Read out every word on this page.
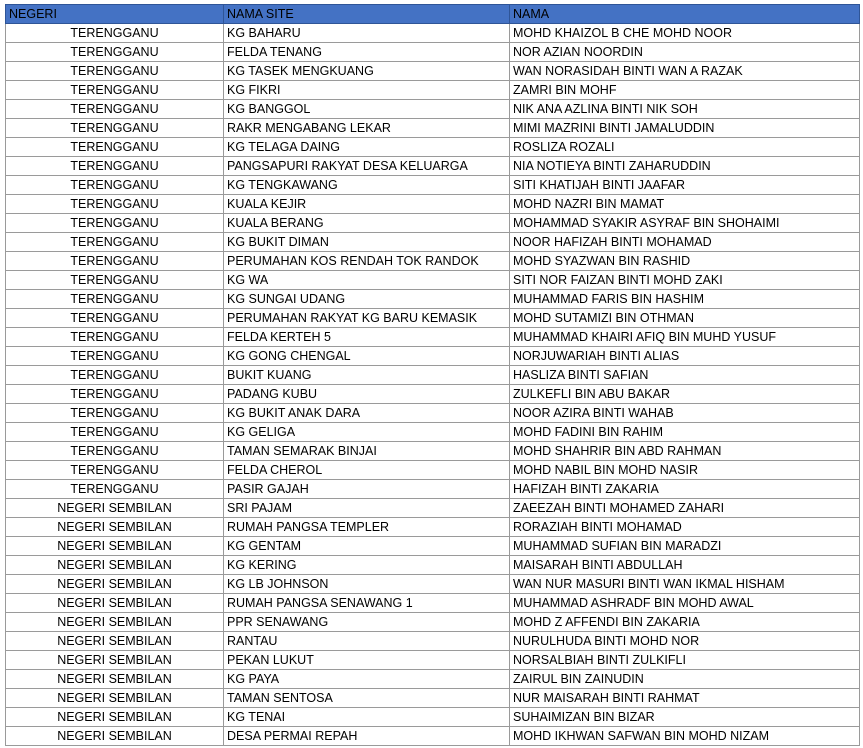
NEGERI	NAMA SITE	NAMA
TERENGGANU	KG BAHARU	MOHD KHAIZOL B CHE MOHD NOOR
TERENGGANU	FELDA TENANG	NOR AZIAN NOORDIN
TERENGGANU	KG TASEK MENGKUANG	WAN NORASIDAH BINTI WAN A RAZAK
TERENGGANU	KG FIKRI	ZAMRI BIN MOHF
TERENGGANU	KG BANGGOL	NIK ANA AZLINA BINTI NIK SOH
TERENGGANU	RAKR MENGABANG LEKAR	MIMI MAZRINI BINTI JAMALUDDIN
TERENGGANU	KG TELAGA DAING	ROSLIZA ROZALI
TERENGGANU	PANGSAPURI RAKYAT DESA KELUARGA	NIA NOTIEYA BINTI ZAHARUDDIN
TERENGGANU	KG TENGKAWANG	SITI KHATIJAH BINTI JAAFAR
TERENGGANU	KUALA KEJIR	MOHD NAZRI BIN MAMAT
TERENGGANU	KUALA BERANG	MOHAMMAD SYAKIR ASYRAF BIN SHOHAIMI
TERENGGANU	KG BUKIT DIMAN	NOOR HAFIZAH BINTI MOHAMAD
TERENGGANU	PERUMAHAN KOS RENDAH TOK RANDOK	MOHD SYAZWAN BIN RASHID
TERENGGANU	KG WA	SITI NOR FAIZAN BINTI MOHD ZAKI
TERENGGANU	KG SUNGAI UDANG	MUHAMMAD FARIS BIN HASHIM
TERENGGANU	PERUMAHAN RAKYAT KG BARU KEMASIK	MOHD SUTAMIZI BIN OTHMAN
TERENGGANU	FELDA KERTEH 5	MUHAMMAD KHAIRI AFIQ BIN MUHD YUSUF
TERENGGANU	KG GONG CHENGAL	NORJUWARIAH BINTI ALIAS
TERENGGANU	BUKIT KUANG	HASLIZA BINTI SAFIAN
TERENGGANU	PADANG KUBU	ZULKEFLI BIN ABU BAKAR
TERENGGANU	KG BUKIT ANAK DARA	NOOR AZIRA BINTI WAHAB
TERENGGANU	KG GELIGA	MOHD FADINI BIN RAHIM
TERENGGANU	TAMAN SEMARAK BINJAI	MOHD SHAHRIR BIN ABD RAHMAN
TERENGGANU	FELDA CHEROL	MOHD NABIL BIN MOHD NASIR
TERENGGANU	PASIR GAJAH	HAFIZAH BINTI ZAKARIA
NEGERI SEMBILAN	SRI PAJAM	ZAEEZAH BINTI MOHAMED ZAHARI
NEGERI SEMBILAN	RUMAH PANGSA TEMPLER	RORAZIAH BINTI MOHAMAD
NEGERI SEMBILAN	KG GENTAM	MUHAMMAD SUFIAN BIN MARADZI
NEGERI SEMBILAN	KG KERING	MAISARAH BINTI ABDULLAH
NEGERI SEMBILAN	KG LB JOHNSON	WAN NUR MASURI BINTI WAN IKMAL HISHAM
NEGERI SEMBILAN	RUMAH PANGSA SENAWANG 1	MUHAMMAD ASHRADF BIN MOHD AWAL
NEGERI SEMBILAN	PPR SENAWANG	MOHD Z AFFENDI BIN ZAKARIA
NEGERI SEMBILAN	RANTAU	NURULHUDA BINTI MOHD NOR
NEGERI SEMBILAN	PEKAN LUKUT	NORSALBIAH BINTI ZULKIFLI
NEGERI SEMBILAN	KG PAYA	ZAIRUL BIN ZAINUDIN
NEGERI SEMBILAN	TAMAN SENTOSA	NUR MAISARAH BINTI RAHMAT
NEGERI SEMBILAN	KG TENAI	SUHAIMIZAN BIN BIZAR
NEGERI SEMBILAN	DESA PERMAI REPAH	MOHD IKHWAN SAFWAN BIN MOHD NIZAM
